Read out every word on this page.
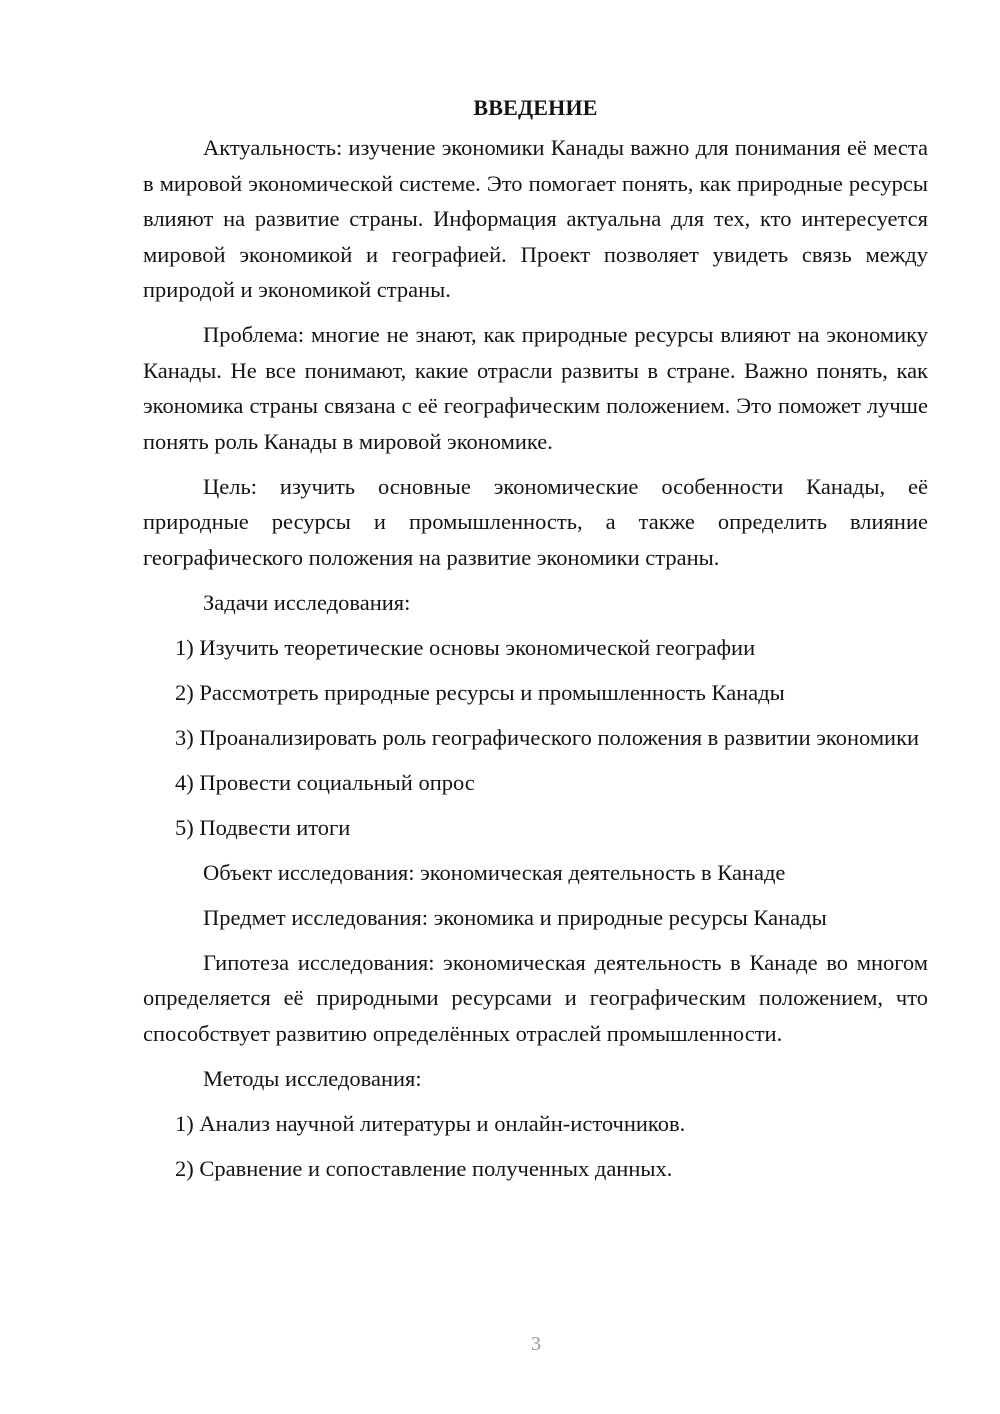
ВВЕДЕНИЕ

Актуальность: изучение экономики Канады важно для понимания её места в мировой экономической системе. Это помогает понять, как природные ресурсы влияют на развитие страны. Информация актуальна для тех, кто интересуется мировой экономикой и географией. Проект позволяет увидеть связь между природой и экономикой страны.

Проблема: многие не знают, как природные ресурсы влияют на экономику Канады. Не все понимают, какие отрасли развиты в стране. Важно понять, как экономика страны связана с её географическим положением. Это поможет лучше понять роль Канады в мировой экономике.

Цель: изучить основные экономические особенности Канады, её природные ресурсы и промышленность, а также определить влияние географического положения на развитие экономики страны.

Задачи исследования:

1) Изучить теоретические основы экономической географии

2) Рассмотреть природные ресурсы и промышленность Канады

3) Проанализировать роль географического положения в развитии экономики

4) Провести социальный опрос

5) Подвести итоги

Объект исследования: экономическая деятельность в Канаде

Предмет исследования: экономика и природные ресурсы Канады

Гипотеза исследования: экономическая деятельность в Канаде во многом определяется её природными ресурсами и географическим положением, что способствует развитию определённых отраслей промышленности.

Методы исследования:

1) Анализ научной литературы и онлайн-источников.

2) Сравнение и сопоставление полученных данных.

3
